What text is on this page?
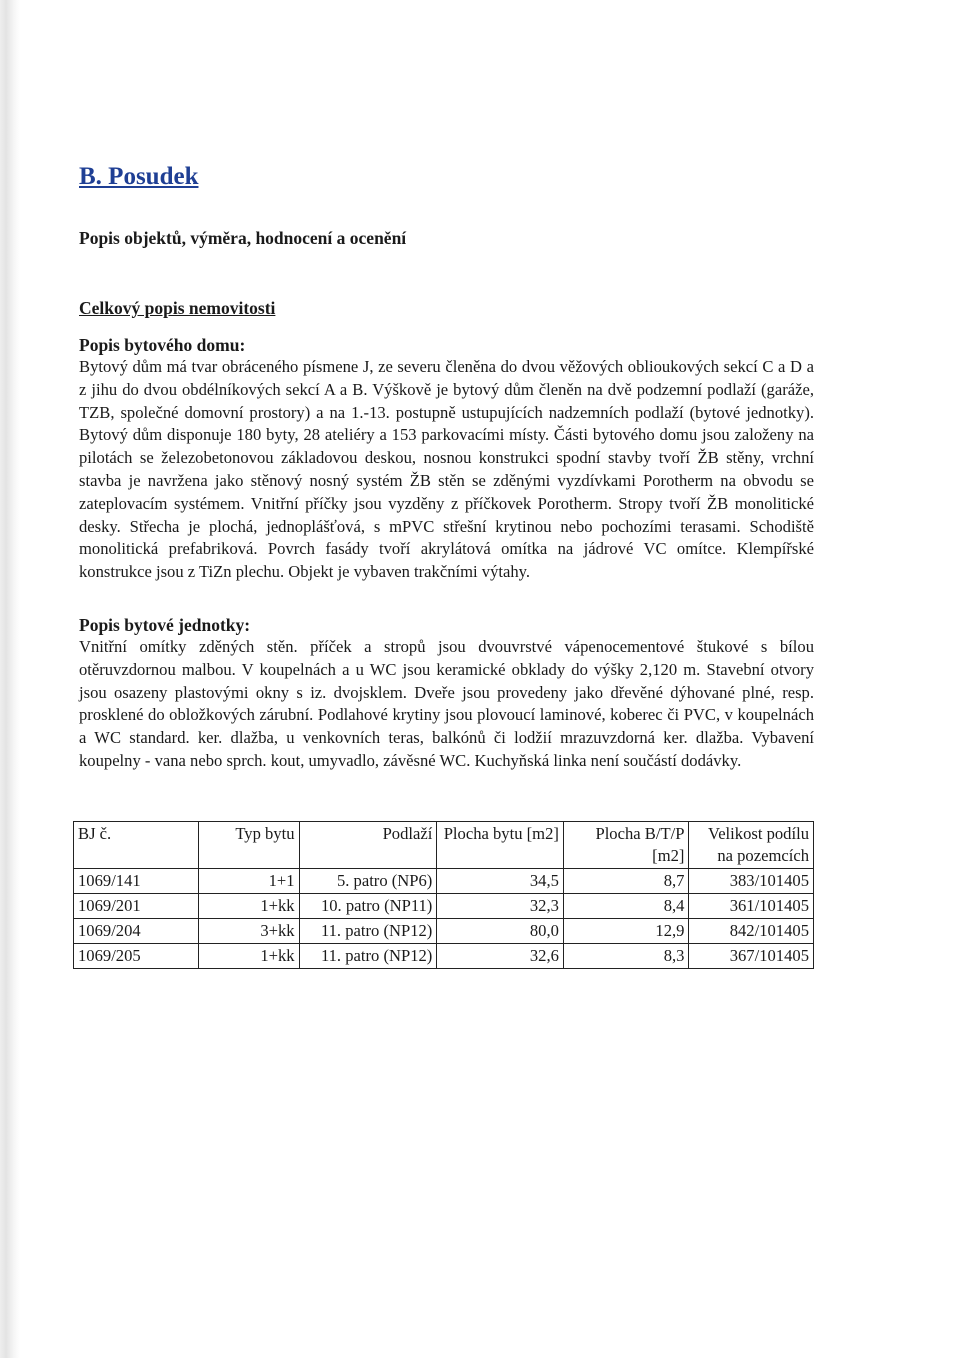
B. Posudek
Popis objektů, výměra, hodnocení a ocenění
Celkový popis nemovitosti
Popis bytového domu:

Bytový dům má tvar obráceného písmene J, ze severu členěna do dvou věžových oblioukových sekcí C a D a z jihu do dvou obdélníkových sekcí A a B. Výškově je bytový dům členěn na dvě podzemní podlaží (garáže, TZB, společné domovní prostory) a na 1.-13. postupně ustupujících nadzemních podlaží (bytové jednotky). Bytový dům disponuje 180 byty, 28 ateliéry a 153 parkovacími místy. Části bytového domu jsou založeny na pilotách se železobetonovou základovou deskou, nosnou konstrukci spodní stavby tvoří ŽB stěny, vrchní stavba je navržena jako stěnový nosný systém ŽB stěn se zděnými vyzdívkami Porotherm na obvodu se zateplovacím systémem. Vnitřní příčky jsou vyzděny z příčkovek Porotherm. Stropy tvoří ŽB monolitické desky. Střecha je plochá, jednoplášťová, s mPVC střešní krytinou nebo pochozími terasami. Schodiště monolitická prefabriková. Povrch fasády tvoří akrylátová omítka na jádrové VC omítce. Klempířské konstrukce jsou z TiZn plechu. Objekt je vybaven trakčními výtahy.

Popis bytové jednotky:

Vnitřní omítky zděných stěn. příček a stropů jsou dvouvrstvé vápenocementové štukové s bílou otěruvzdornou malbou. V koupelnách a u WC jsou keramické obklady do výšky 2,120 m. Stavební otvory jsou osazeny plastovými okny s iz. dvojsklem. Dveře jsou provedeny jako dřevěné dýhované plné, resp. prosklené do obložkových zárubní. Podlahové krytiny jsou plovoucí laminové, koberec či PVC, v koupelnách a WC standard. ker. dlažba, u venkovních teras, balkónů či lodžií mrazuvzdorná ker. dlažba. Vybavení koupelny - vana nebo sprch. kout, umyvadlo, závěsné WC. Kuchyňská linka není součástí dodávky.

BJ č.	Typ bytu	Podlaží	Plocha bytu [m2]	Plocha B/T/P [m2]	Velikost podílu na pozemcích
1069/141	1+1	5. patro (NP6)	34,5	8,7	383/101405
1069/201	1+kk	10. patro (NP11)	32,3	8,4	361/101405
1069/204	3+kk	11. patro (NP12)	80,0	12,9	842/101405
1069/205	1+kk	11. patro (NP12)	32,6	8,3	367/101405
